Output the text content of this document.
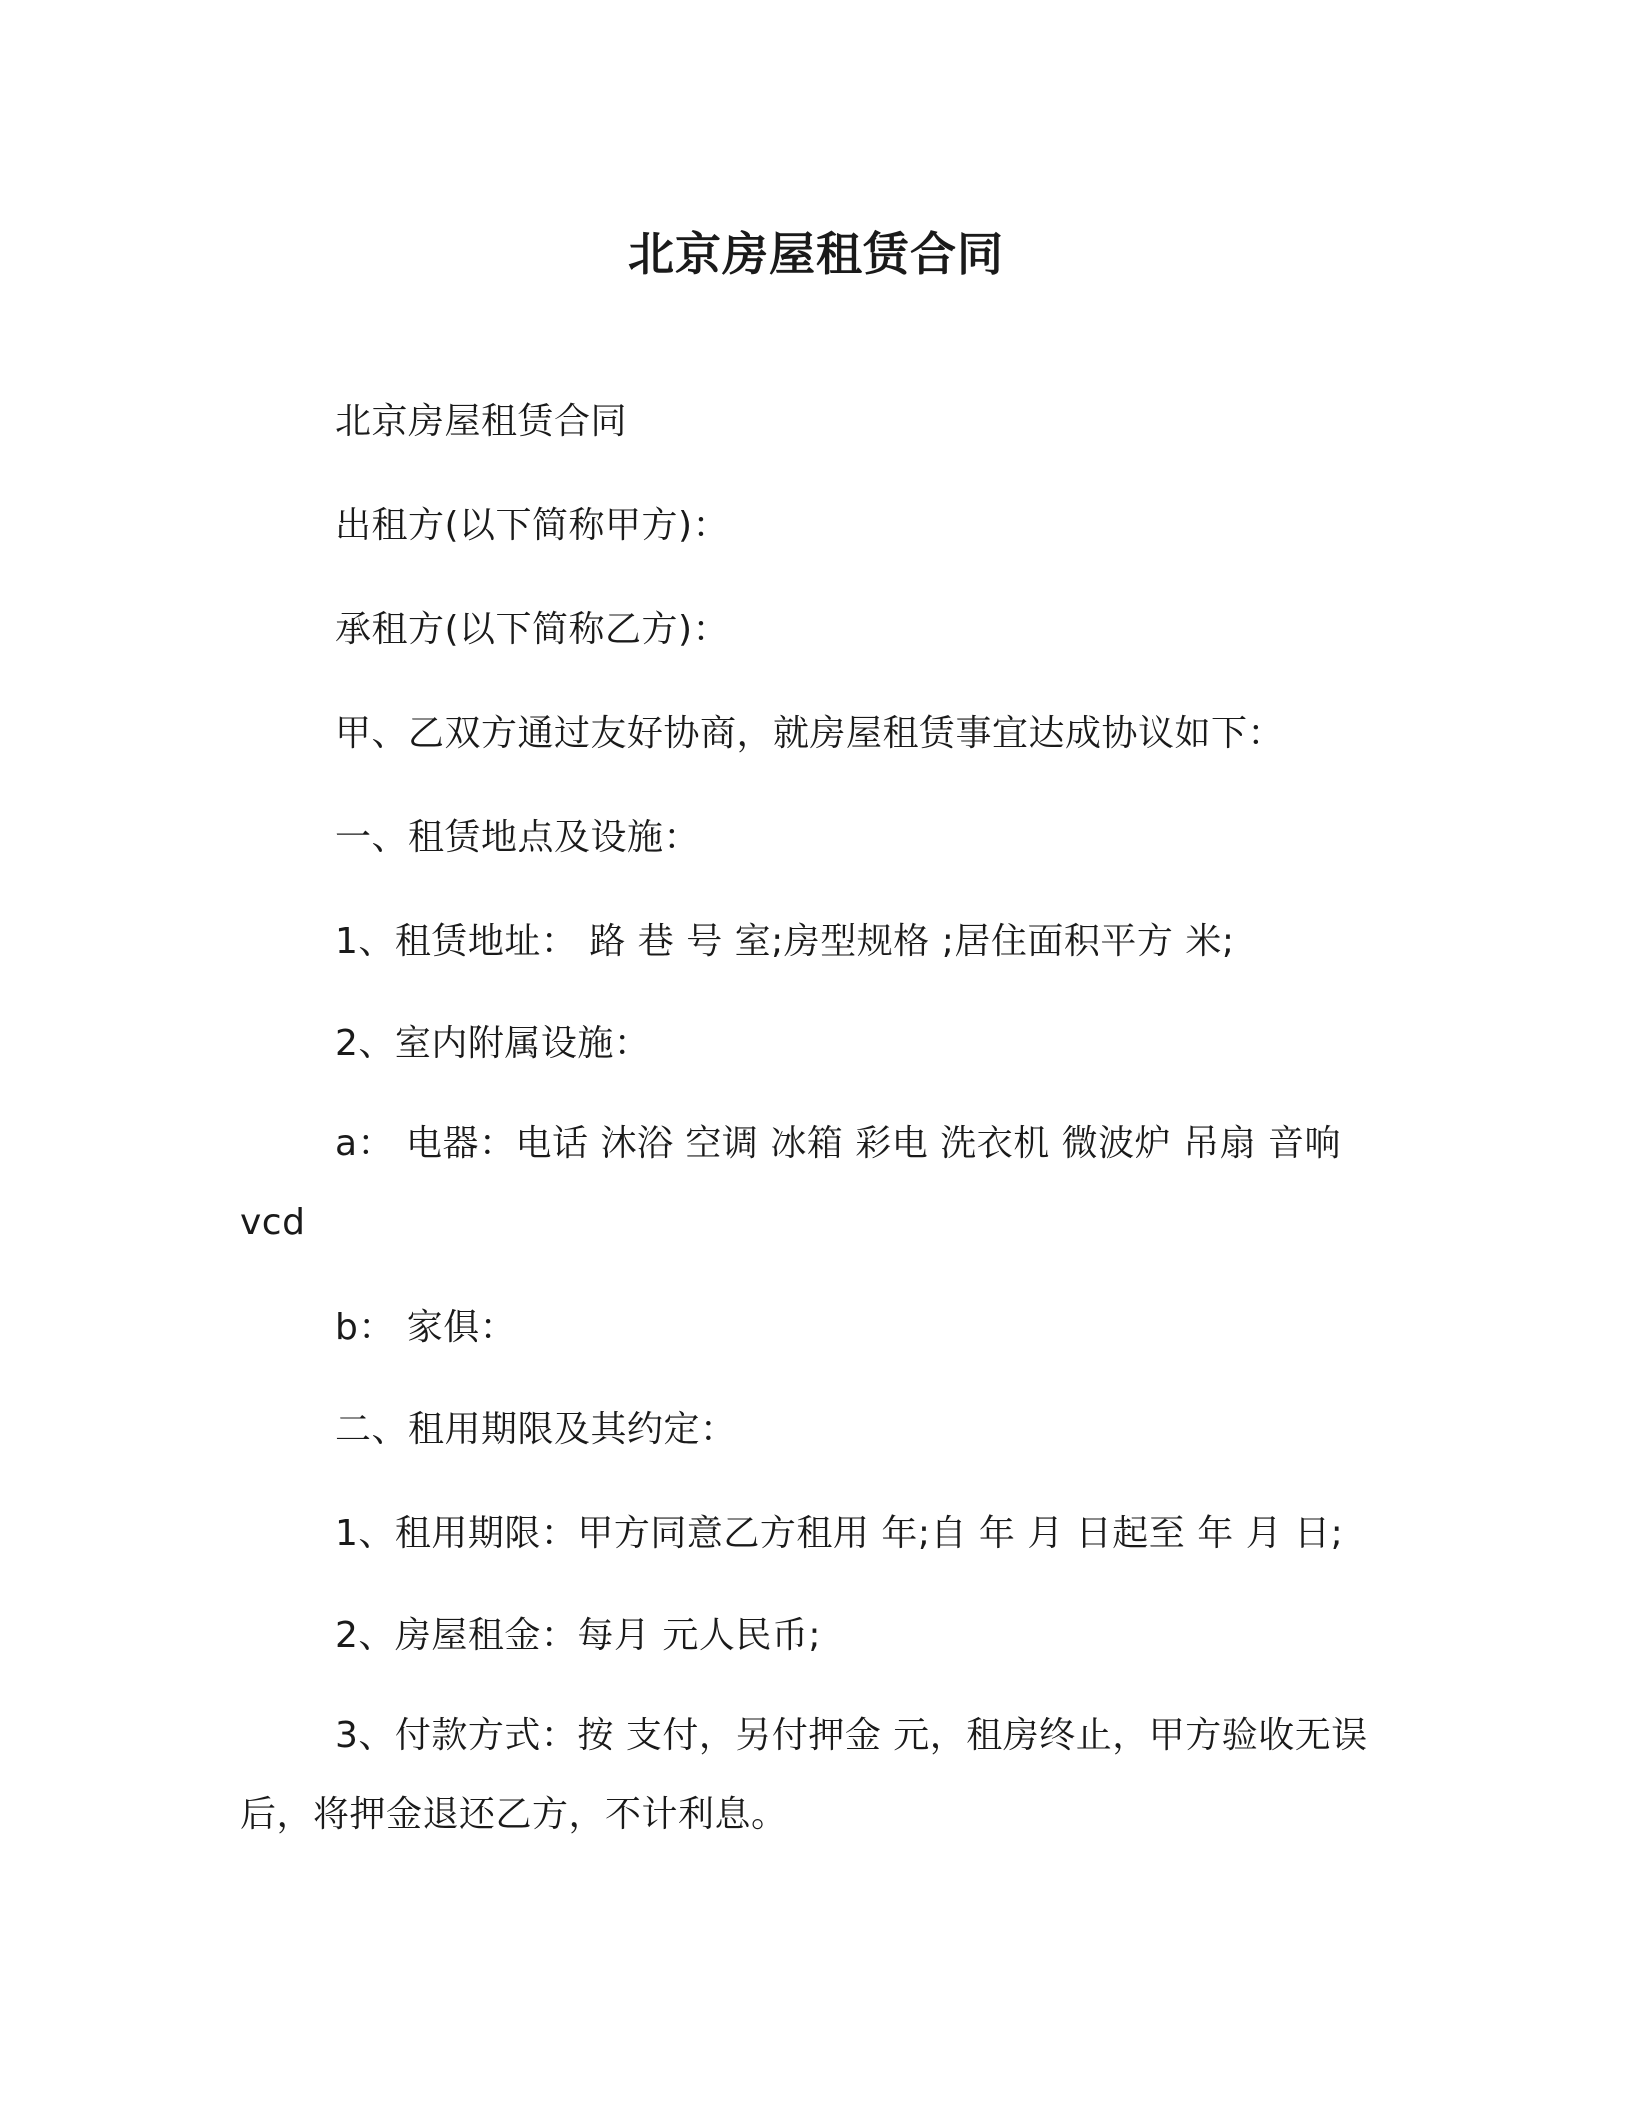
北京房屋租赁合同
北京房屋租赁合同
出租方(以下简称甲方)：
承租方(以下简称乙方)：
甲、乙双方通过友好协商，就房屋租赁事宜达成协议如下：
一、租赁地点及设施：
1、租赁地址： 路 巷 号 室;房型规格 ;居住面积平方 米;
2、室内附属设施：
a： 电器：电话 沐浴 空调 冰箱 彩电 洗衣机 微波炉 吊扇 音响
vcd
b： 家俱：
二、租用期限及其约定：
1、租用期限：甲方同意乙方租用 年;自 年 月 日起至 年 月 日;
2、房屋租金：每月 元人民币;
3、付款方式：按 支付，另付押金 元，租房终止，甲方验收无误
后，将押金退还乙方，不计利息。
